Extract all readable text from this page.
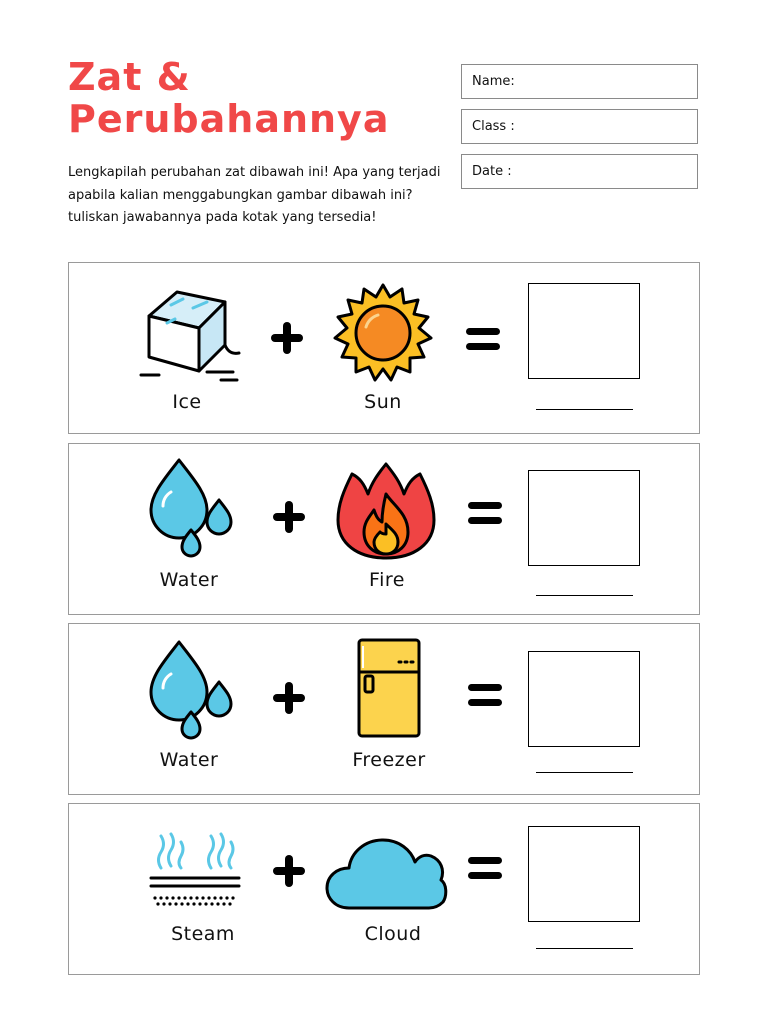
Zat &
Perubahannya
Name:
Class :
Date :

Lengkapilah perubahan zat dibawah ini! Apa yang terjadi apabila kalian menggabungkan gambar dibawah ini? tuliskan jawabannya pada kotak yang tersedia!

Ice	Sun
Water	Fire
Water	Freezer
Steam	Cloud
